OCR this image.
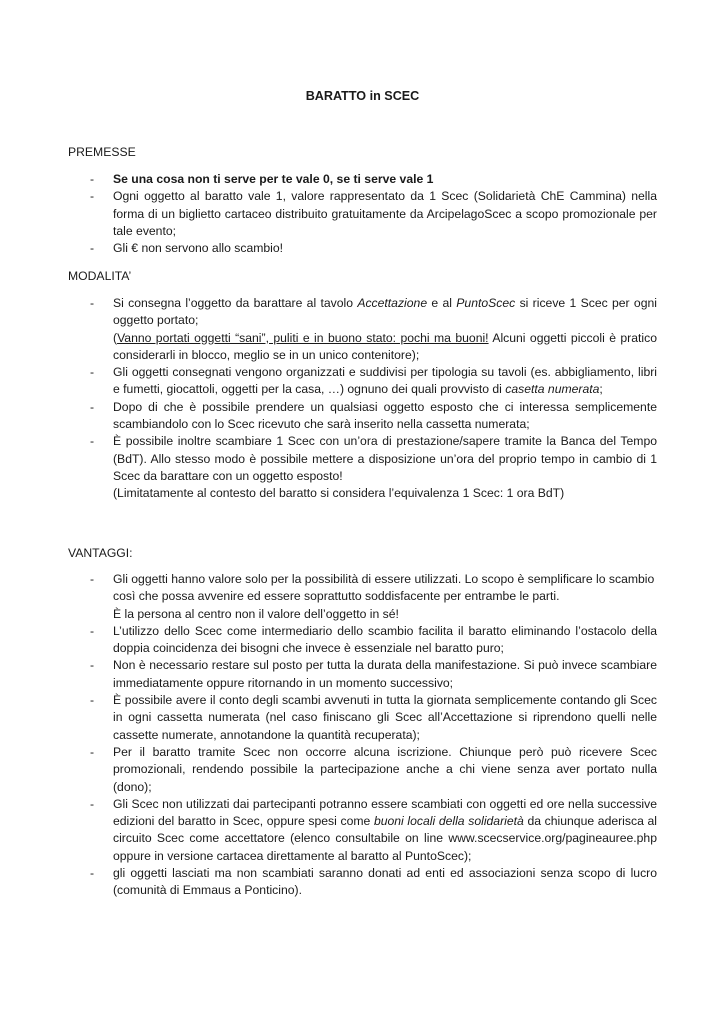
BARATTO in SCEC
PREMESSE
- Se una cosa non ti serve per te vale 0, se ti serve vale 1
- Ogni oggetto al baratto vale 1, valore rappresentato da 1 Scec (Solidarietà ChE Cammina) nella forma di un biglietto cartaceo distribuito gratuitamente da ArcipelagoScec a scopo promozionale per tale evento;
- Gli € non servono allo scambio!
MODALITA’
- Si consegna l’oggetto da barattare al tavolo Accettazione e al PuntoScec si riceve 1 Scec per ogni oggetto portato;

(Vanno portati oggetti “sani”, puliti e in buono stato: pochi ma buoni! Alcuni oggetti piccoli è pratico considerarli in blocco, meglio se in un unico contenitore);

- Gli oggetti consegnati vengono organizzati e suddivisi per tipologia su tavoli (es. abbigliamento, libri e fumetti, giocattoli, oggetti per la casa, …) ognuno dei quali provvisto di casetta numerata;
- Dopo di che è possibile prendere un qualsiasi oggetto esposto che ci interessa semplicemente scambiandolo con lo Scec ricevuto che sarà inserito nella cassetta numerata;
- È possibile inoltre scambiare 1 Scec con un’ora di prestazione/sapere tramite la Banca del Tempo (BdT). Allo stesso modo è possibile mettere a disposizione un’ora del proprio tempo in cambio di 1 Scec da barattare con un oggetto esposto!

(Limitatamente al contesto del baratto si considera l’equivalenza 1 Scec: 1 ora BdT)

VANTAGGI:
- Gli oggetti hanno valore solo per la possibilità di essere utilizzati. Lo scopo è semplificare lo scambio così che possa avvenire ed essere soprattutto soddisfacente per entrambe le parti.

È la persona al centro non il valore dell’oggetto in sé!

- L’utilizzo dello Scec come intermediario dello scambio facilita il baratto eliminando l’ostacolo della doppia coincidenza dei bisogni che invece è essenziale nel baratto puro;
- Non è necessario restare sul posto per tutta la durata della manifestazione. Si può invece scambiare immediatamente oppure ritornando in un momento successivo;
- È possibile avere il conto degli scambi avvenuti in tutta la giornata semplicemente contando gli Scec in ogni cassetta numerata (nel caso finiscano gli Scec all’Accettazione si riprendono quelli nelle cassette numerate, annotandone la quantità recuperata);
- Per il baratto tramite Scec non occorre alcuna iscrizione. Chiunque però può ricevere Scec promozionali, rendendo possibile la partecipazione anche a chi viene senza aver portato nulla (dono);
- Gli Scec non utilizzati dai partecipanti potranno essere scambiati con oggetti ed ore nella successive edizioni del baratto in Scec, oppure spesi come buoni locali della solidarietà da chiunque aderisca al circuito Scec come accettatore (elenco consultabile on line www.scecservice.org/pagineauree.php oppure in versione cartacea direttamente al baratto al PuntoScec);
- gli oggetti lasciati ma non scambiati saranno donati ad enti ed associazioni senza scopo di lucro (comunità di Emmaus a Ponticino).
